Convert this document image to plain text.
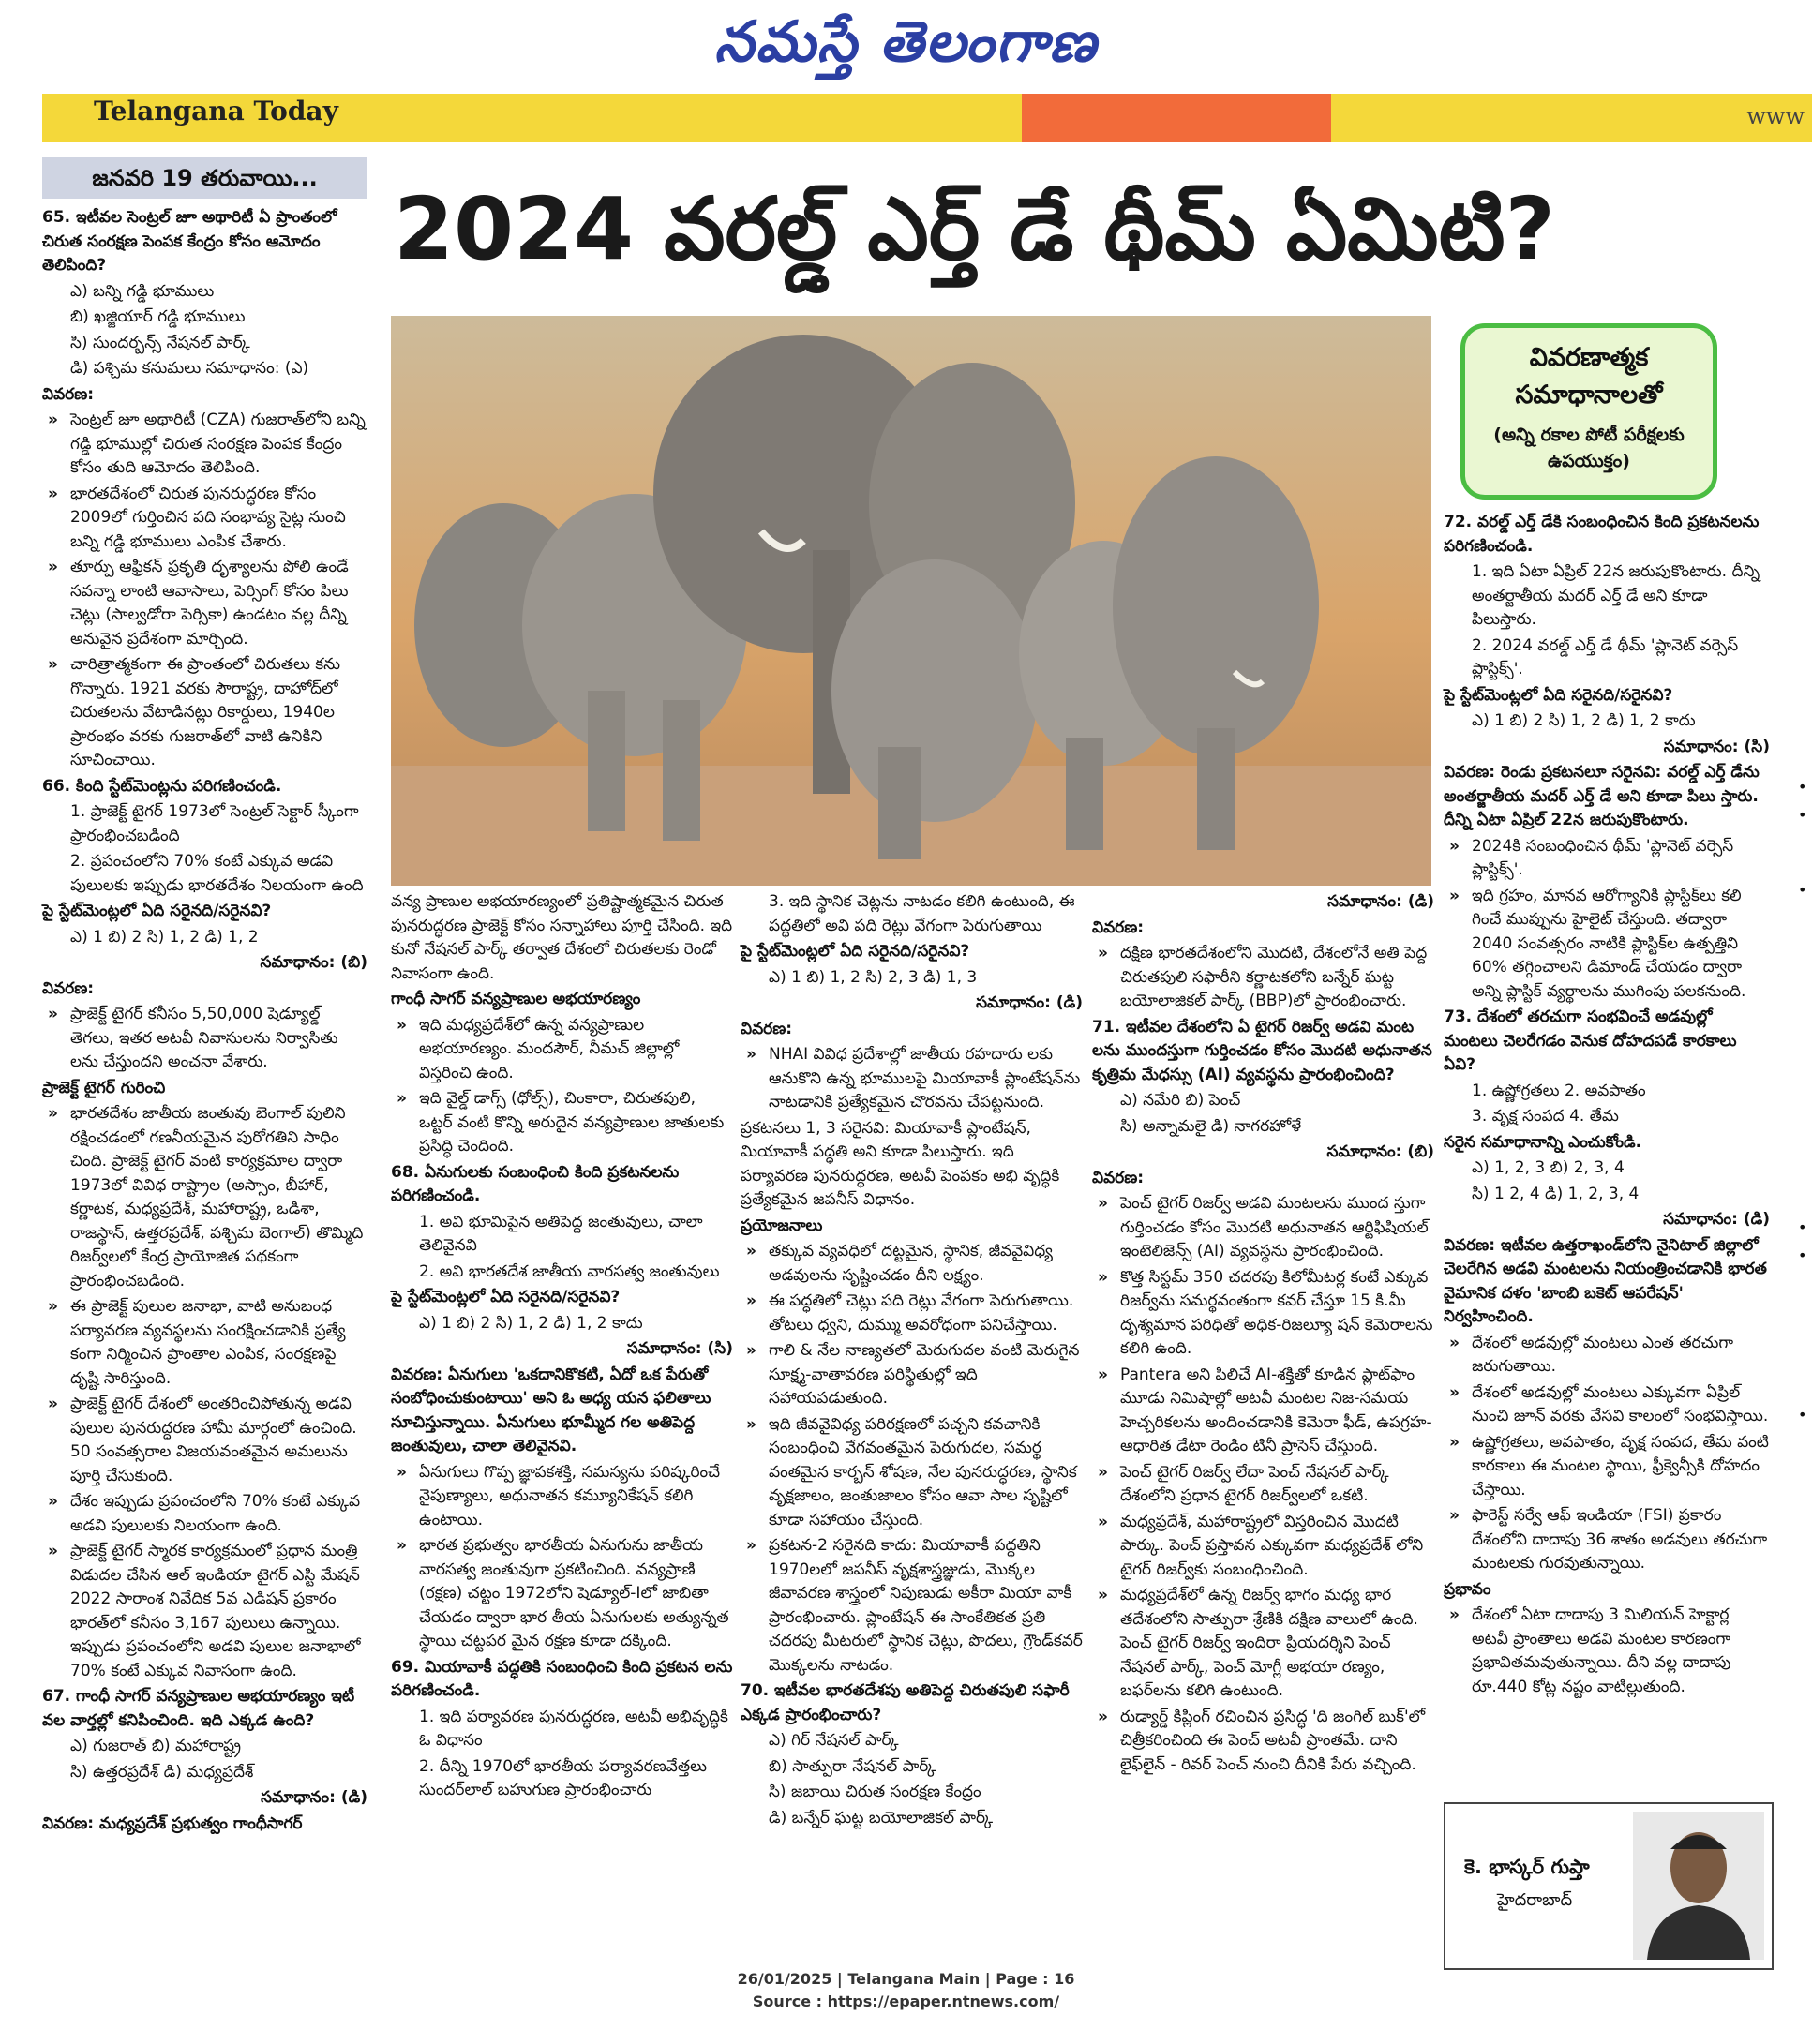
నమస్తే తెలంగాణ
Telangana Today	www
జనవరి 19 తరువాయి...
2024 వరల్డ్ ఎర్త్ డే థీమ్ ఏమిటి?
వివరణాత్మక సమాధానాలతో
(అన్ని రకాల పోటీ పరీక్షలకు ఉపయుక్తం)

65. ఇటీవల సెంట్రల్ జూ అథారిటీ ఏ ప్రాంతంలో చిరుత సంరక్షణ పెంపక కేంద్రం కోసం ఆమోదం తెలిపింది?

ఎ) బన్ని గడ్డి భూములు

బి) ఖజ్జియార్ గడ్డి భూములు

సి) సుందర్బన్స్ నేషనల్ పార్క్

డి) పశ్చిమ కనుమలు సమాధానం: (ఎ)

వివరణ:

» సెంట్రల్ జూ అథారిటీ (CZA) గుజరాత్‌లోని బన్ని గడ్డి భూముల్లో చిరుత సంరక్షణ పెంపక కేంద్రం కోసం తుది ఆమోదం తెలిపింది.

» భారతదేశంలో చిరుత పునరుద్ధరణ కోసం 2009లో గుర్తించిన పది సంభావ్య సైట్ల నుంచి బన్ని గడ్డి భూములు ఎంపిక చేశారు.

» తూర్పు ఆఫ్రికన్ ప్రకృతి దృశ్యాలను పోలి ఉండే సవన్నా లాంటి ఆవాసాలు, పెర్సింగ్ కోసం పిలు చెట్లు (సాల్వడోరా పెర్సికా) ఉండటం వల్ల దీన్ని అనువైన ప్రదేశంగా మార్చింది.

» చారిత్రాత్మకంగా ఈ ప్రాంతంలో చిరుతలు కను గొన్నారు. 1921 వరకు సౌరాష్ట్ర, దాహోద్‌లో చిరుతలను వేటాడినట్లు రికార్డులు, 1940ల ప్రారంభం వరకు గుజరాత్‌లో వాటి ఉనికిని సూచించాయి.

66. కింది స్టేట్‌మెంట్లను పరిగణించండి.

1. ప్రాజెక్ట్ టైగర్ 1973లో సెంట్రల్ సెక్టార్ స్కీంగా ప్రారంభించబడింది

2. ప్రపంచంలోని 70% కంటే ఎక్కువ అడవి పులులకు ఇప్పుడు భారతదేశం నిలయంగా ఉంది

పై స్టేట్‌మెంట్లలో ఏది సరైనది/సరైనవి?

ఎ) 1 బి) 2 సి) 1, 2 డి) 1, 2

సమాధానం: (బి)

వివరణ:

» ప్రాజెక్ట్ టైగర్ కనీసం 5,50,000 షెడ్యూల్డ్ తెగలు, ఇతర అటవీ నివాసులను నిర్వాసితు లను చేస్తుందని అంచనా వేశారు.

ప్రాజెక్ట్ టైగర్ గురించి

» భారతదేశం జాతీయ జంతువు బెంగాల్ పులిని రక్షించడంలో గణనీయమైన పురోగతిని సాధిం చింది. ప్రాజెక్ట్ టైగర్ వంటి కార్యక్రమాల ద్వారా 1973లో వివిధ రాష్ట్రాల (అస్సాం, బీహార్, కర్ణాటక, మధ్యప్రదేశ్, మహారాష్ట్ర, ఒడిశా, రాజస్థాన్, ఉత్తరప్రదేశ్, పశ్చిమ బెంగాల్) తొమ్మిది రిజర్వ్‌లలో కేంద్ర ప్రాయోజిత పథకంగా ప్రారంభించబడింది.

» ఈ ప్రాజెక్ట్ పులుల జనాభా, వాటి అనుబంధ పర్యావరణ వ్యవస్థలను సంరక్షించడానికి ప్రత్యే కంగా నిర్మించిన ప్రాంతాల ఎంపిక, సంరక్షణపై దృష్టి సారిస్తుంది.

» ప్రాజెక్ట్ టైగర్ దేశంలో అంతరించిపోతున్న అడవి పులుల పునరుద్ధరణ హామీ మార్గంలో ఉంచింది. 50 సంవత్సరాల విజయవంతమైన అమలును పూర్తి చేసుకుంది.

» దేశం ఇప్పుడు ప్రపంచంలోని 70% కంటే ఎక్కువ అడవి పులులకు నిలయంగా ఉంది.

» ప్రాజెక్ట్ టైగర్ స్మారక కార్యక్రమంలో ప్రధాన మంత్రి విడుదల చేసిన ఆల్ ఇండియా టైగర్ ఎస్టి మేషన్ 2022 సారాంశ నివేదిక 5వ ఎడిషన్ ప్రకారం భారత్‌లో కనీసం 3,167 పులులు ఉన్నాయి. ఇప్పుడు ప్రపంచంలోని అడవి పులుల జనాభాలో 70% కంటే ఎక్కువ నివాసంగా ఉంది.

67. గాంధీ సాగర్ వన్యప్రాణుల అభయారణ్యం ఇటీ వల వార్తల్లో కనిపించింది. ఇది ఎక్కడ ఉంది?

ఎ) గుజరాత్ బి) మహారాష్ట్ర

సి) ఉత్తరప్రదేశ్ డి) మధ్యప్రదేశ్

సమాధానం: (డి)

వివరణ: మధ్యప్రదేశ్ ప్రభుత్వం గాంధీసాగర్

వన్య ప్రాణుల అభయారణ్యంలో ప్రతిష్టాత్మకమైన చిరుత పునరుద్ధరణ ప్రాజెక్ట్ కోసం సన్నాహాలు పూర్తి చేసింది. ఇది కునో నేషనల్ పార్క్ తర్వాత దేశంలో చిరుతలకు రెండో నివాసంగా ఉంది.

గాంధీ సాగర్ వన్యప్రాణుల అభయారణ్యం

» ఇది మధ్యప్రదేశ్‌లో ఉన్న వన్యప్రాణుల అభయారణ్యం. మందసౌర్, నీమచ్ జిల్లాల్లో విస్తరించి ఉంది.

» ఇది వైల్డ్ డాగ్స్ (ధోల్స్), చింకారా, చిరుతపులి, ఒట్టర్ వంటి కొన్ని అరుదైన వన్యప్రాణుల జాతులకు ప్రసిద్ధి చెందింది.

68. ఏనుగులకు సంబంధించి కింది ప్రకటనలను పరిగణించండి.

1. అవి భూమిపైన అతిపెద్ద జంతువులు, చాలా తెలివైనవి

2. అవి భారతదేశ జాతీయ వారసత్వ జంతువులు

పై స్టేట్‌మెంట్లలో ఏది సరైనది/సరైనవి?

ఎ) 1 బి) 2 సి) 1, 2 డి) 1, 2 కాదు

సమాధానం: (సి)

వివరణ: ఏనుగులు 'ఒకదానికొకటి, ఏదో ఒక పేరుతో సంబోధించుకుంటాయి' అని ఓ అధ్య యన ఫలితాలు సూచిస్తున్నాయి. ఏనుగులు భూమ్మీద గల అతిపెద్ద జంతువులు, చాలా తెలివైనవి.

» ఏనుగులు గొప్ప జ్ఞాపకశక్తి, సమస్యను పరిష్కరించే నైపుణ్యాలు, అధునాతన కమ్యూనికేషన్ కలిగి ఉంటాయి.

» భారత ప్రభుత్వం భారతీయ ఏనుగును జాతీయ వారసత్వ జంతువుగా ప్రకటించింది. వన్యప్రాణి (రక్షణ) చట్టం 1972లోని షెడ్యూల్-Iలో జాబితా చేయడం ద్వారా భార తీయ ఏనుగులకు అత్యున్నత స్థాయి చట్టపర మైన రక్షణ కూడా దక్కింది.

69. మియావాకీ పద్ధతికి సంబంధించి కింది ప్రకటన లను పరిగణించండి.

1. ఇది పర్యావరణ పునరుద్ధరణ, అటవీ అభివృద్ధికి ఓ విధానం

2. దీన్ని 1970లో భారతీయ పర్యావరణవేత్తలు సుందర్‌లాల్ బహుగుణ ప్రారంభించారు

3. ఇది స్థానిక చెట్లను నాటడం కలిగి ఉంటుంది, ఈ పద్ధతిలో అవి పది రెట్లు వేగంగా పెరుగుతాయి

పై స్టేట్‌మెంట్లలో ఏది సరైనది/సరైనవి?

ఎ) 1 బి) 1, 2 సి) 2, 3 డి) 1, 3

సమాధానం: (డి)

వివరణ:

» NHAI వివిధ ప్రదేశాల్లో జాతీయ రహదారు లకు ఆనుకొని ఉన్న భూములపై మియావాకీ ప్లాంటేషన్‌ను నాటడానికి ప్రత్యేకమైన చొరవను చేపట్టనుంది.

ప్రకటనలు 1, 3 సరైనవి: మియావాకీ ప్లాంటేషన్, మియావాకీ పద్ధతి అని కూడా పిలుస్తారు. ఇది పర్యావరణ పునరుద్ధరణ, అటవీ పెంపకం అభి వృద్ధికి ప్రత్యేకమైన జపనీస్ విధానం.

ప్రయోజనాలు

» తక్కువ వ్యవధిలో దట్టమైన, స్థానిక, జీవవైవిధ్య అడవులను సృష్టించడం దీని లక్ష్యం.

» ఈ పద్ధతిలో చెట్లు పది రెట్లు వేగంగా పెరుగుతాయి. తోటలు ధ్వని, దుమ్ము అవరోధంగా పనిచేస్తాయి.

» గాలి & నేల నాణ్యతలో మెరుగుదల వంటి మెరుగైన సూక్ష్మ-వాతావరణ పరిస్థితుల్లో ఇది సహాయపడుతుంది.

» ఇది జీవవైవిధ్య పరిరక్షణలో పచ్చని కవచానికి సంబంధించి వేగవంతమైన పెరుగుదల, సమర్థ వంతమైన కార్బన్ శోషణ, నేల పునరుద్ధరణ, స్థానిక వృక్షజాలం, జంతుజాలం కోసం ఆవా సాల సృష్టిలో కూడా సహాయం చేస్తుంది.

» ప్రకటన-2 సరైనది కాదు: మియావాకీ పద్ధతిని 1970లలో జపనీస్ వృక్షశాస్త్రజ్ఞుడు, మొక్కల జీవావరణ శాస్త్రంలో నిపుణుడు అకీరా మియా వాకీ ప్రారంభించారు. ప్లాంటేషన్ ఈ సాంకేతికత ప్రతి చదరపు మీటరులో స్థానిక చెట్లు, పొదలు, గ్రౌండ్‌కవర్ మొక్కలను నాటడం.

70. ఇటీవల భారతదేశపు అతిపెద్ద చిరుతపులి సఫారీ ఎక్కడ ప్రారంభించారు?

ఎ) గిర్ నేషనల్ పార్క్

బి) సాత్పురా నేషనల్ పార్క్

సి) జబాయి చిరుత సంరక్షణ కేంద్రం

డి) బన్నేర్ ఘట్ట బయోలాజికల్ పార్క్

సమాధానం: (డి)

వివరణ:

» దక్షిణ భారతదేశంలోని మొదటి, దేశంలోనే అతి పెద్ద చిరుతపులి సఫారీని కర్ణాటకలోని బన్నేర్ ఘట్ట బయోలాజికల్ పార్క్ (BBP)లో ప్రారంభించారు.

71. ఇటీవల దేశంలోని ఏ టైగర్ రిజర్వ్ అడవి మంట లను ముందస్తుగా గుర్తించడం కోసం మొదటి అధునాతన కృత్రిమ మేధస్సు (AI) వ్యవస్థను ప్రారంభించింది?

ఎ) నమేరి బి) పెంచ్

సి) అన్నామలై డి) నాగరహోళే

సమాధానం: (బి)

వివరణ:

» పెంచ్ టైగర్ రిజర్వ్ అడవి మంటలను ముంద స్తుగా గుర్తించడం కోసం మొదటి అధునాతన ఆర్టిఫిషియల్ ఇంటెలిజెన్స్ (AI) వ్యవస్థను ప్రారంభించింది.

» కొత్త సిస్టమ్ 350 చదరపు కిలోమీటర్ల కంటే ఎక్కువ రిజర్వ్‌ను సమర్థవంతంగా కవర్ చేస్తూ 15 కి.మీ దృశ్యమాన పరిధితో అధిక-రిజల్యూ షన్ కెమెరాలను కలిగి ఉంది.

» Pantera అని పిలిచే AI-శక్తితో కూడిన ప్లాట్‌ఫాం మూడు నిమిషాల్లో అటవీ మంటల నిజ-సమయ హెచ్చరికలను అందించడానికి కెమెరా ఫీడ్, ఉపగ్రహ-ఆధారిత డేటా రెండిం టినీ ప్రాసెస్ చేస్తుంది.

» పెంచ్ టైగర్ రిజర్వ్ లేదా పెంచ్ నేషనల్ పార్క్ దేశంలోని ప్రధాన టైగర్ రిజర్వ్‌లలో ఒకటి.

» మధ్యప్రదేశ్, మహారాష్ట్రలో విస్తరించిన మొదటి పార్కు. పెంచ్ ప్రస్తావన ఎక్కువగా మధ్యప్రదేశ్ లోని టైగర్ రిజర్వ్‌కు సంబంధించింది.

» మధ్యప్రదేశ్‌లో ఉన్న రిజర్వ్ భాగం మధ్య భార తదేశంలోని సాత్పురా శ్రేణికి దక్షిణ వాలులో ఉంది. పెంచ్ టైగర్ రిజర్వ్ ఇందిరా ప్రియదర్శిని పెంచ్ నేషనల్ పార్క్, పెంచ్ మోగ్లీ అభయా రణ్యం, బఫర్‌లను కలిగి ఉంటుంది.

» రుడ్యార్డ్ కిప్లింగ్ రచించిన ప్రసిద్ధ 'ది జంగిల్ బుక్'లో చిత్రీకరించింది ఈ పెంచ్ అటవీ ప్రాంతమే. దాని లైఫ్‌లైన్ - రివర్ పెంచ్ నుంచి దీనికి పేరు వచ్చింది.

72. వరల్డ్ ఎర్త్ డేకి సంబంధించిన కింది ప్రకటనలను పరిగణించండి.

1. ఇది ఏటా ఏప్రిల్ 22న జరుపుకొంటారు. దీన్ని అంతర్జాతీయ మదర్ ఎర్త్ డే అని కూడా పిలుస్తారు.

2. 2024 వరల్డ్ ఎర్త్ డే థీమ్ 'ప్లానెట్ వర్సెస్ ప్లాస్టిక్స్'.

పై స్టేట్‌మెంట్లలో ఏది సరైనది/సరైనవి?

ఎ) 1 బి) 2 సి) 1, 2 డి) 1, 2 కాదు

సమాధానం: (సి)

వివరణ: రెండు ప్రకటనలూ సరైనవి: వరల్డ్ ఎర్త్ డేను అంతర్జాతీయ మదర్ ఎర్త్ డే అని కూడా పిలు స్తారు. దీన్ని ఏటా ఏప్రిల్ 22న జరుపుకొంటారు.

» 2024కి సంబంధించిన థీమ్ 'ప్లానెట్ వర్సెస్ ప్లాస్టిక్స్'.

» ఇది గ్రహం, మానవ ఆరోగ్యానికి ప్లాస్టిక్‌లు కలి గించే ముప్పును హైలైట్ చేస్తుంది. తద్వారా 2040 సంవత్సరం నాటికి ప్లాస్టిక్‌ల ఉత్పత్తిని 60% తగ్గించాలని డిమాండ్ చేయడం ద్వారా అన్ని ప్లాస్టిక్ వ్యర్థాలను ముగింపు పలకనుంది.

73. దేశంలో తరచుగా సంభవించే అడవుల్లో మంటలు చెలరేగడం వెనుక దోహదపడే కారకాలు ఏవి?

1. ఉష్ణోగ్రతలు 2. అవపాతం

3. వృక్ష సంపద 4. తేమ

సరైన సమాధానాన్ని ఎంచుకోండి.

ఎ) 1, 2, 3 బి) 2, 3, 4

సి) 1 2, 4 డి) 1, 2, 3, 4

సమాధానం: (డి)

వివరణ: ఇటీవల ఉత్తరాఖండ్‌లోని నైనిటాల్ జిల్లాలో చెలరేగిన అడవి మంటలను నియంత్రించడానికి భారత వైమానిక దళం 'బాంబి బకెట్ ఆపరేషన్' నిర్వహించింది.

» దేశంలో అడవుల్లో మంటలు ఎంత తరచుగా జరుగుతాయి.

» దేశంలో అడవుల్లో మంటలు ఎక్కువగా ఏప్రిల్ నుంచి జూన్ వరకు వేసవి కాలంలో సంభవిస్తాయి.

» ఉష్ణోగ్రతలు, అవపాతం, వృక్ష సంపద, తేమ వంటి కారకాలు ఈ మంటల స్థాయి, ఫ్రీక్వెన్సీకి దోహదం చేస్తాయి.

» ఫారెస్ట్ సర్వే ఆఫ్ ఇండియా (FSI) ప్రకారం దేశంలోని దాదాపు 36 శాతం అడవులు తరచుగా మంటలకు గురవుతున్నాయి.

ప్రభావం

» దేశంలో ఏటా దాదాపు 3 మిలియన్ హెక్టార్ల అటవీ ప్రాంతాలు అడవి మంటల కారణంగా ప్రభావితమవుతున్నాయి. దీని వల్ల దాదాపు రూ.440 కోట్ల నష్టం వాటిల్లుతుంది.

కె. భాస్కర్ గుప్తా
హైదరాబాద్
26/01/2025 | Telangana Main | Page : 16
Source : https://epaper.ntnews.com/
•
•
•
•
•
•
